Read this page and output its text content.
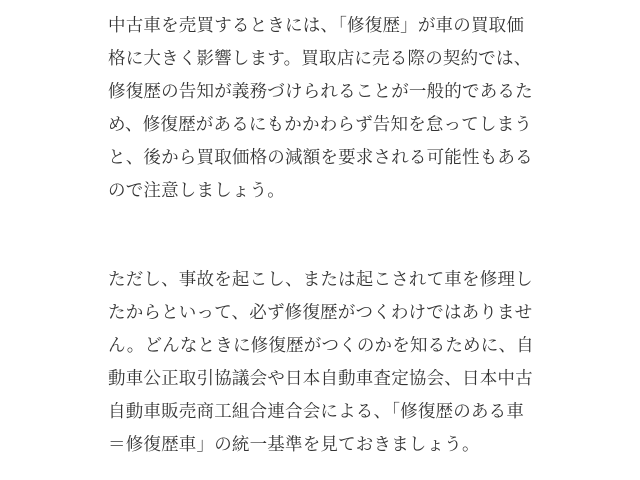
中古車を売買するときには、「修復歴」が車の買取価格に大きく影響します。買取店に売る際の契約では、修復歴の告知が義務づけられることが一般的であるため、修復歴があるにもかかわらず告知を怠ってしまうと、後から買取価格の減額を要求される可能性もあるので注意しましょう。

ただし、事故を起こし、または起こされて車を修理したからといって、必ず修復歴がつくわけではありません。どんなときに修復歴がつくのかを知るために、自動車公正取引協議会や日本自動車査定協会、日本中古自動車販売商工組合連合会による、「修復歴のある車＝修復歴車」の統一基準を見ておきましょう。
